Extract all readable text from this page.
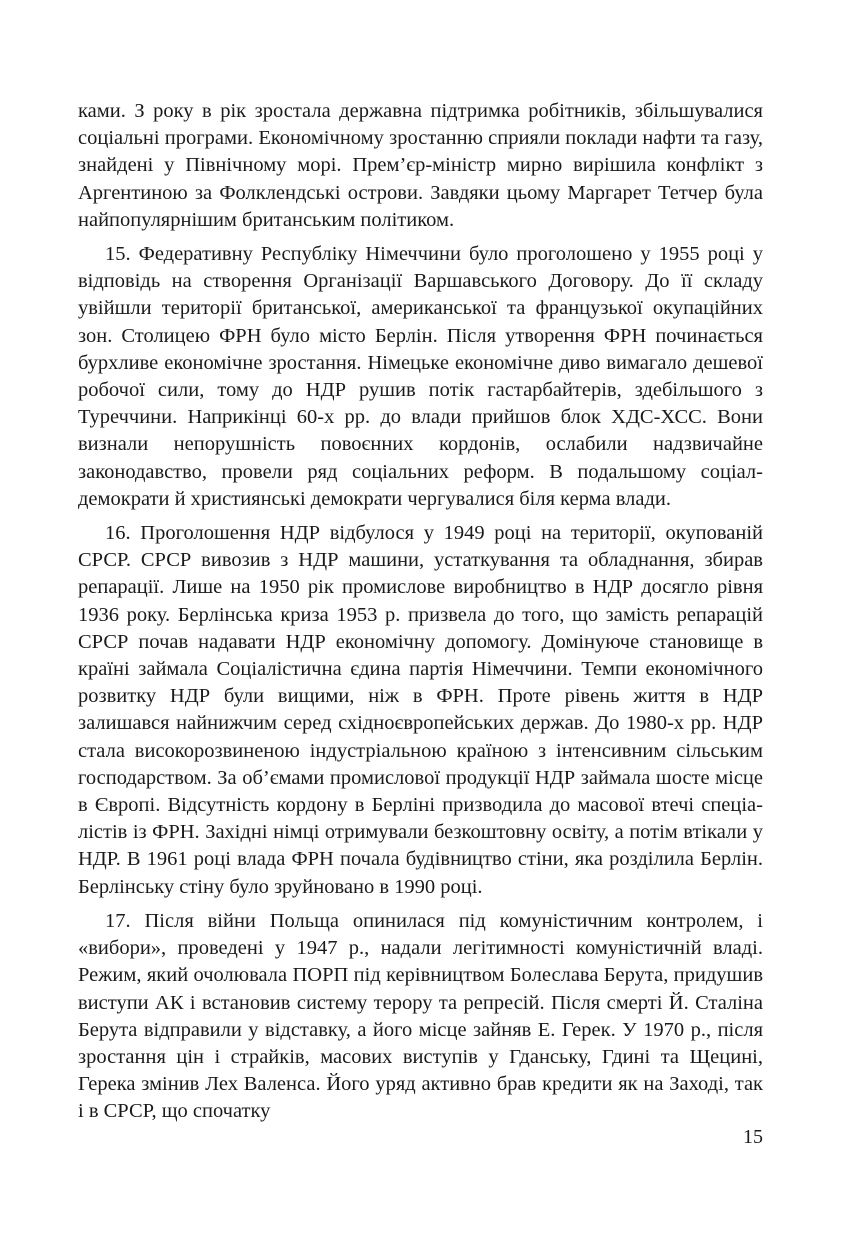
ками. З року в рік зростала державна підтримка робітників, збільшувалися соціальні програми. Економічному зростанню сприяли поклади нафти та газу, знайдені у Північному морі. Прем’єр-міністр мирно вирішила конфлікт з Аргентиною за Фолклендські острови. Завдяки цьому Маргарет Тетчер була найпопулярнішим британським політиком.

15. Федеративну Республіку Німеччини було проголошено у 1955 році у відповідь на створення Організації Варшавського Договору. До її складу увійшли території британської, американської та французької окупаційних зон. Столицею ФРН було місто Берлін. Після утворення ФРН починається бурхливе економічне зростання. Німецьке економічне диво вимагало дешевої робочої сили, тому до НДР рушив потік гастарбайтерів, здебільшого з Туреччини. Наприкінці 60-х рр. до влади прийшов блок ХДС-ХСС. Вони визнали непорушність повоєнних кордонів, ослабили надзвичайне законодавство, провели ряд соціальних реформ. В подальшому соціал-демократи й християнські демократи чергувалися біля керма влади.

16. Проголошення НДР відбулося у 1949 році на території, окупованій СРСР. СРСР вивозив з НДР машини, устаткування та обладнання, збирав репарації. Лише на 1950 рік промислове виробництво в НДР досягло рівня 1936 року. Берлінська криза 1953 р. призвела до того, що замість репарацій СРСР почав надавати НДР економічну допомогу. Домінуюче становище в країні займала Соціалістична єдина партія Німеччини. Темпи економічного розвитку НДР були вищими, ніж в ФРН. Проте рівень життя в НДР залишався найнижчим серед східноєвропейських держав. До 1980-х рр. НДР стала високорозвиненою індустріальною країною з інтенсивним сільським господарством. За об’ємами промислової продукції НДР займала шосте місце в Європі. Відсутність кордону в Берліні призводила до масової втечі спеціалістів із ФРН. Західні німці отримували безкоштовну освіту, а потім втікали у НДР. В 1961 році влада ФРН почала будівництво стіни, яка розділила Берлін. Берлінську стіну було зруйновано в 1990 році.

17. Після війни Польща опинилася під комуністичним контролем, і «вибори», проведені у 1947 р., надали легітимності комуністичній владі. Режим, який очолювала ПОРП під керівництвом Болеслава Берута, придушив виступи АК і встановив систему терору та репресій. Після смерті Й. Сталіна Берута відправили у відставку, а його місце зайняв Е. Герек. У 1970 р., після зростання цін і страйків, масових виступів у Гданську, Гдині та Щецині, Герека змінив Лех Валенса. Його уряд активно брав кредити як на Заході, так і в СРСР, що спочатку

15
